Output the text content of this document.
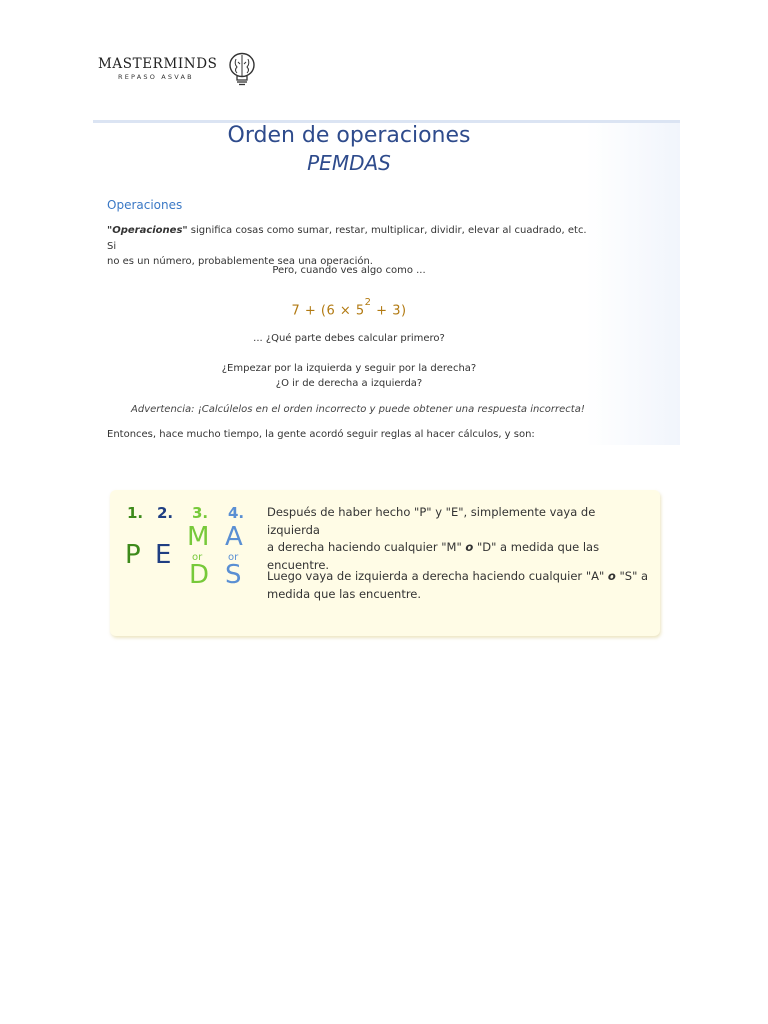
MASTERMINDS
REPASO ASVAB
Orden de operaciones
PEMDAS
Operaciones
"Operaciones" significa cosas como sumar, restar, multiplicar, dividir, elevar al cuadrado, etc. Si
no es un número, probablemente sea una operación.
Pero, cuando ves algo como ...
$7 + (6 \times 5^2 + 3)$
... ¿Qué parte debes calcular primero?
¿Empezar por la izquierda y seguir por la derecha?
¿O ir de derecha a izquierda?
Advertencia: ¡Calcúlelos en el orden incorrecto y puede obtener una respuesta incorrecta!
Entonces, hace mucho tiempo, la gente acordó seguir reglas al hacer cálculos, y son:
1. 2. 3. 4.
P E
M
or
D
A
or
S
Después de haber hecho "P" y "E", simplemente vaya de izquierda
a derecha haciendo cualquier "M" o "D" a medida que las
encuentre.
Luego vaya de izquierda a derecha haciendo cualquier "A" o "S" a
medida que las encuentre.
